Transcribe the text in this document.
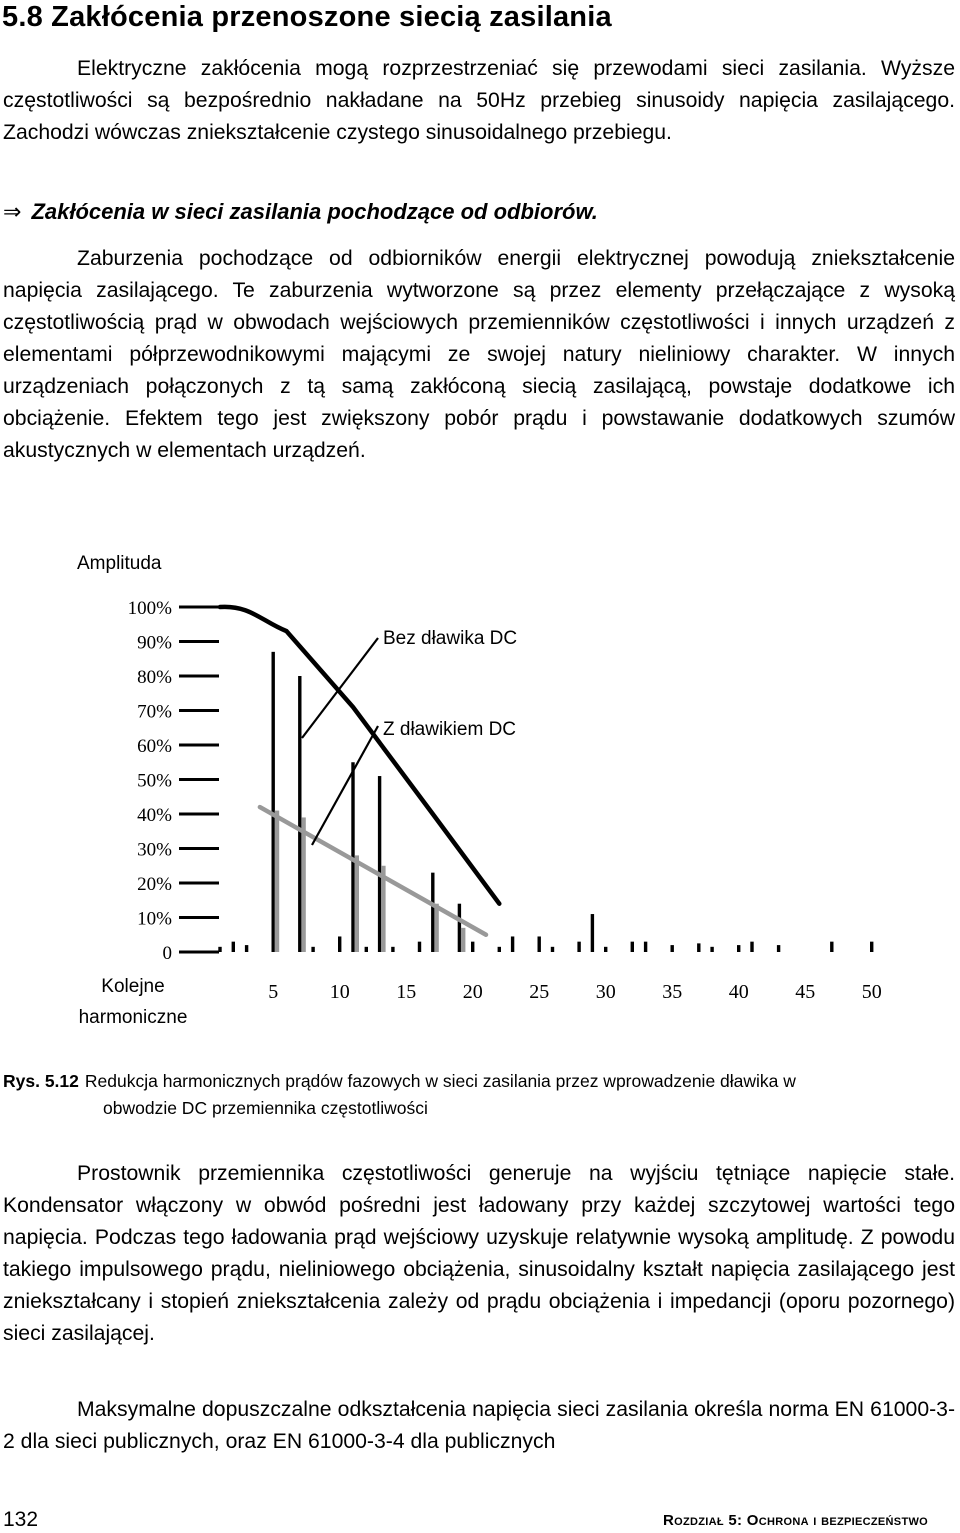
5.8 Zakłócenia przenoszone siecią zasilania

Elektryczne zakłócenia mogą rozprzestrzeniać się przewodami sieci zasilania. Wyższe częstotliwości są bezpośrednio nakładane na 50Hz przebieg sinusoidy napięcia zasilającego. Zachodzi wówczas zniekształcenie czystego sinusoidalnego przebiegu.

⇒ Zakłócenia w sieci zasilania pochodzące od odbiorów.

Zaburzenia pochodzące od odbiorników energii elektrycznej powodują zniekształcenie napięcia zasilającego. Te zaburzenia wytworzone są przez elementy przełączające z wysoką częstotliwością prąd w obwodach wejściowych przemienników częstotliwości i innych urządzeń z elementami półprzewodnikowymi mającymi ze swojej natury nieliniowy charakter. W innych urządzeniach połączonych z tą samą zakłóconą siecią zasilającą, powstaje dodatkowe ich obciążenie. Efektem tego jest zwiększony pobór prądu i powstawanie dodatkowych szumów akustycznych w elementach urządzeń.

Amplituda
100%
90%
80%
70%
60%
50%
40%
30%
20%
10%
0
5	10 15 20 25 30 35 40 45 50
Kolejne
harmoniczne
Bez dławika DC
Z dławikiem DC

Rys. 5.12 Redukcja harmonicznych prądów fazowych w sieci zasilania przez wprowadzenie dławika w
obwodzie DC przemiennika częstotliwości

Prostownik przemiennika częstotliwości generuje na wyjściu tętniące napięcie stałe. Kondensator włączony w obwód pośredni jest ładowany przy każdej szczytowej wartości tego napięcia. Podczas tego ładowania prąd wejściowy uzyskuje relatywnie wysoką amplitudę. Z powodu takiego impulsowego prądu, nieliniowego obciążenia, sinusoidalny kształt napięcia zasilającego jest zniekształcany i stopień zniekształcenia zależy od prądu obciążenia i impedancji (oporu pozornego) sieci zasilającej.

Maksymalne dopuszczalne odkształcenia napięcia sieci zasilania określa norma EN 61000-3-2 dla sieci publicznych, oraz EN 61000-3-4 dla publicznych

132	Rozdział 5: Ochrona i bezpieczeństwo
